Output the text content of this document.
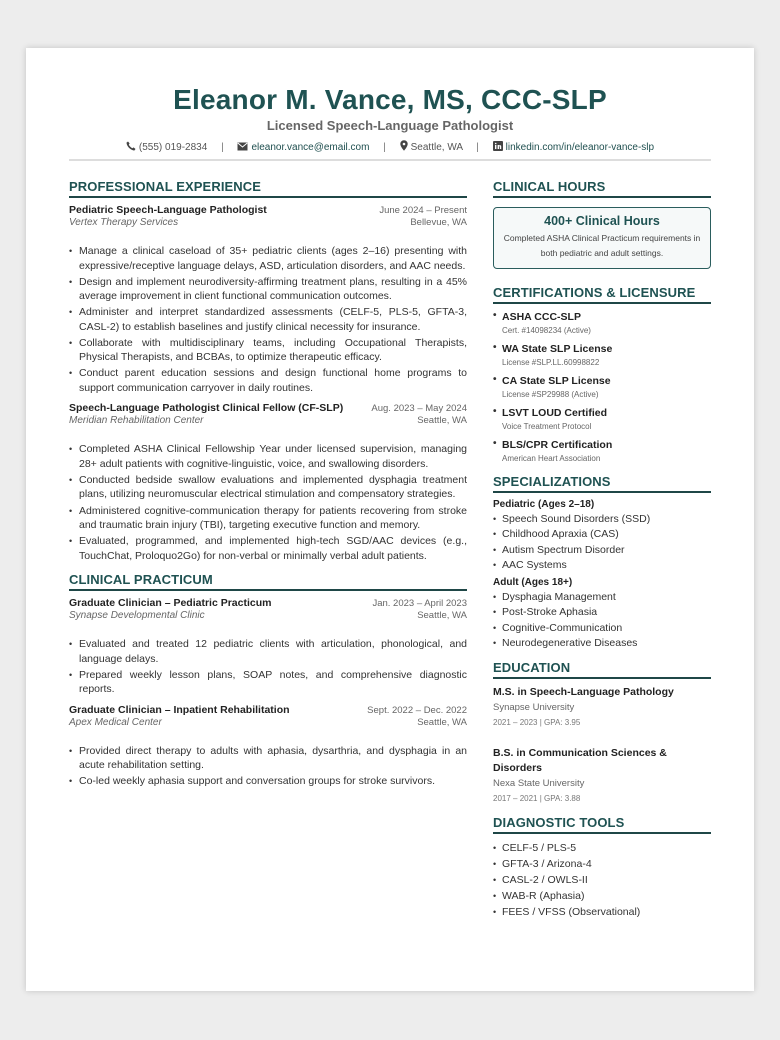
Eleanor M. Vance, MS, CCC-SLP
Licensed Speech-Language Pathologist
(555) 019-2834 |	eleanor.vance@email.com | Seattle, WA |	linkedin.com/in/eleanor-vance-slp
PROFESSIONAL EXPERIENCE
Pediatric Speech-Language Pathologist	June 2024 – Present
Vertex Therapy Services	Bellevue, WA
• Manage a clinical caseload of 35+ pediatric clients (ages 2–16) presenting with expressive/receptive language delays, ASD, articulation disorders, and AAC needs.
• Design and implement neurodiversity-affirming treatment plans, resulting in a 45% average improvement in client functional communication outcomes.
• Administer and interpret standardized assessments (CELF-5, PLS-5, GFTA-3, CASL-2) to establish baselines and justify clinical necessity for insurance.
• Collaborate with multidisciplinary teams, including Occupational Therapists, Physical Therapists, and BCBAs, to optimize therapeutic efficacy.
• Conduct parent education sessions and design functional home programs to support communication carryover in daily routines.
Speech-Language Pathologist Clinical Fellow (CF-SLP)	Aug. 2023 – May 2024
Meridian Rehabilitation Center	Seattle, WA
• Completed ASHA Clinical Fellowship Year under licensed supervision, managing 28+ adult patients with cognitive-linguistic, voice, and swallowing disorders.
• Conducted bedside swallow evaluations and implemented dysphagia treatment plans, utilizing neuromuscular electrical stimulation and compensatory strategies.
• Administered cognitive-communication therapy for patients recovering from stroke and traumatic brain injury (TBI), targeting executive function and memory.
• Evaluated, programmed, and implemented high-tech SGD/AAC devices (e.g., TouchChat, Proloquo2Go) for non-verbal or minimally verbal adult patients.
CLINICAL PRACTICUM
Graduate Clinician – Pediatric Practicum	Jan. 2023 – April 2023
Synapse Developmental Clinic	Seattle, WA
• Evaluated and treated 12 pediatric clients with articulation, phonological, and language delays.
• Prepared weekly lesson plans, SOAP notes, and comprehensive diagnostic reports.
Graduate Clinician – Inpatient Rehabilitation	Sept. 2022 – Dec. 2022
Apex Medical Center	Seattle, WA
• Provided direct therapy to adults with aphasia, dysarthria, and dysphagia in an acute rehabilitation setting.
• Co-led weekly aphasia support and conversation groups for stroke survivors.
CLINICAL HOURS
400+ Clinical Hours
Completed ASHA Clinical Practicum requirements in both pediatric and adult settings.
CERTIFICATIONS & LICENSURE
• ASHA CCC-SLP
Cert. #14098234 (Active)
• WA State SLP License
License #SLP.LL.60998822
• CA State SLP License
License #SP29988 (Active)
• LSVT LOUD Certified
Voice Treatment Protocol
• BLS/CPR Certification
American Heart Association
SPECIALIZATIONS
Pediatric (Ages 2–18)
• Speech Sound Disorders (SSD)
• Childhood Apraxia (CAS)
• Autism Spectrum Disorder
• AAC Systems
Adult (Ages 18+)
• Dysphagia Management
• Post-Stroke Aphasia
• Cognitive-Communication
• Neurodegenerative Diseases
EDUCATION
M.S. in Speech-Language Pathology
Synapse University
2021 – 2023 | GPA: 3.95
B.S. in Communication Sciences & Disorders
Nexa State University
2017 – 2021 | GPA: 3.88
DIAGNOSTIC TOOLS
• CELF-5 / PLS-5
• GFTA-3 / Arizona-4
• CASL-2 / OWLS-II
• WAB-R (Aphasia)
• FEES / VFSS (Observational)
